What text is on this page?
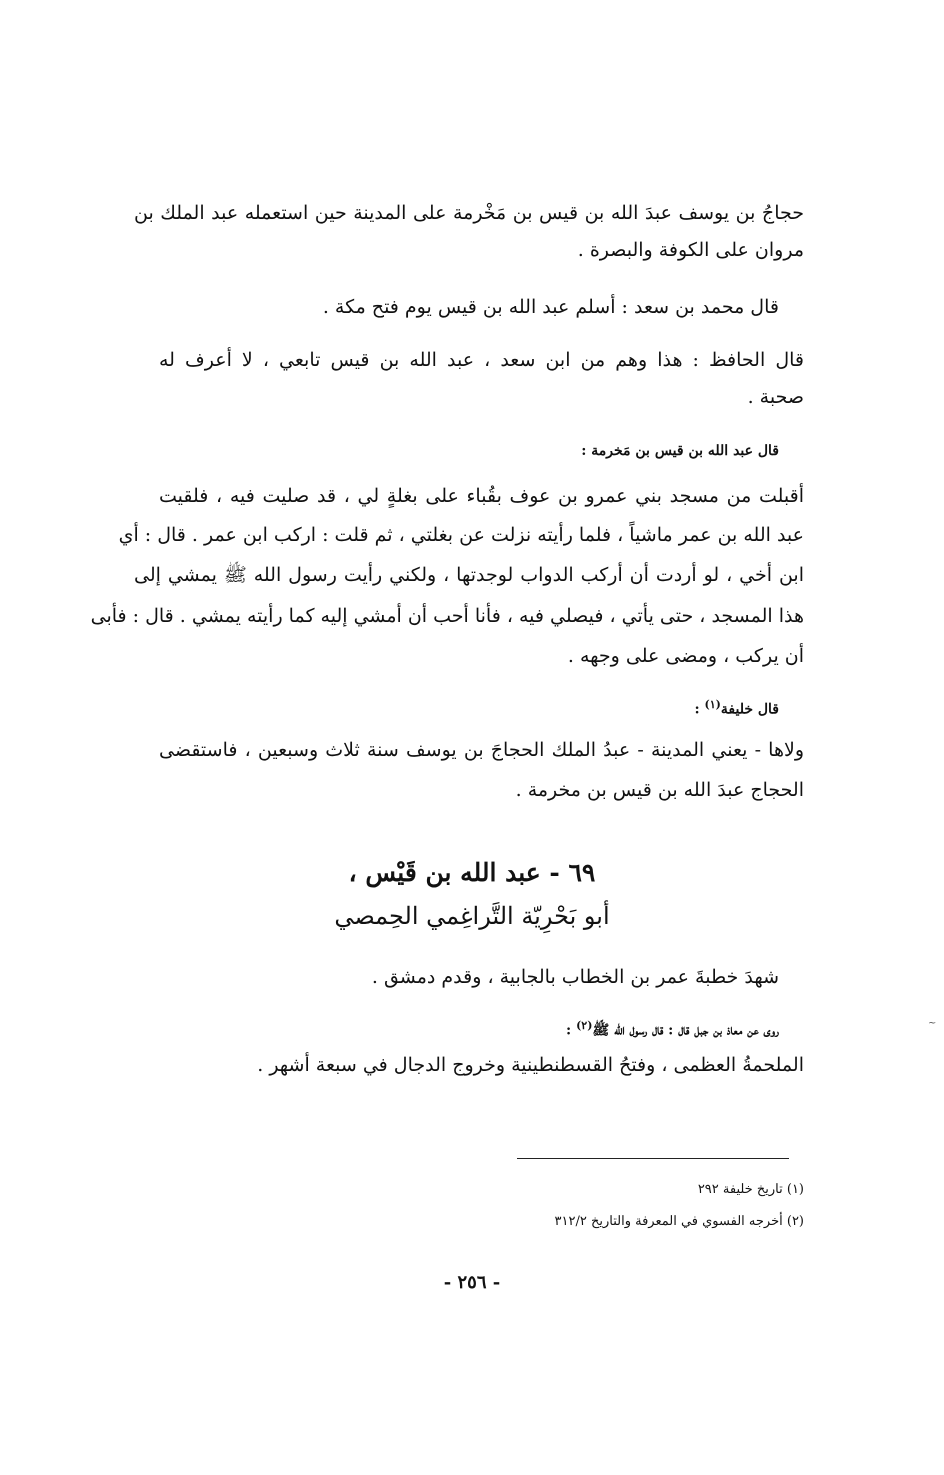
حجاجُ بن يوسف عبدَ الله بن قيس بن مَخْرمة على المدينة حين استعمله عبد الملك بن
مروان على الكوفة والبصرة .
قال محمد بن سعد : أسلم عبد الله بن قيس يوم فتح مكة .
قال الحافظ : هذا وهم من ابن سعد ، عبد الله بن قيس تابعي ، لا أعرف له
صحبة .
قال عبد الله بن قيس بن مَخرمة :
أقبلت من مسجد بني عمرو بن عوف بقُباء على بغلةٍ لي ، قد صليت فيه ، فلقيت
عبد الله بن عمر ماشياً ، فلما رأيته نزلت عن بغلتي ، ثم قلت : اركب ابن عمر . قال : أي
ابن أخي ، لو أردت أن أركب الدواب لوجدتها ، ولكني رأيت رسول الله ﷺ يمشي إلى
هذا المسجد ، حتى يأتي ، فيصلي فيه ، فأنا أحب أن أمشي إليه كما رأيته يمشي . قال : فأبى
أن يركب ، ومضى على وجهه .
قال خليفة$^{(١)}$ :
ولاها - يعني المدينة - عبدُ الملك الحجاجَ بن يوسف سنة ثلاث وسبعين ، فاستقضى
الحجاج عبدَ الله بن قيس بن مخرمة .
٦٩ - عبد الله بن قَيْس ،
أبو بَحْرِيّة التَّراغِمي الحِمصي
شهدَ خطبةَ عمر بن الخطاب بالجابية ، وقدم دمشق .
روى عن معاذ بن جبل قال : قال رسول الله ﷺ$^{(٢)}$ :
الملحمةُ العظمى ، وفتحُ القسطنطينية وخروج الدجال في سبعة أشهر .
(١) تاريخ خليفة ٢٩٢
(٢) أخرجه الفسوي في المعرفة والتاريخ ٣١٢/٢
- ٢٥٦ -
~
